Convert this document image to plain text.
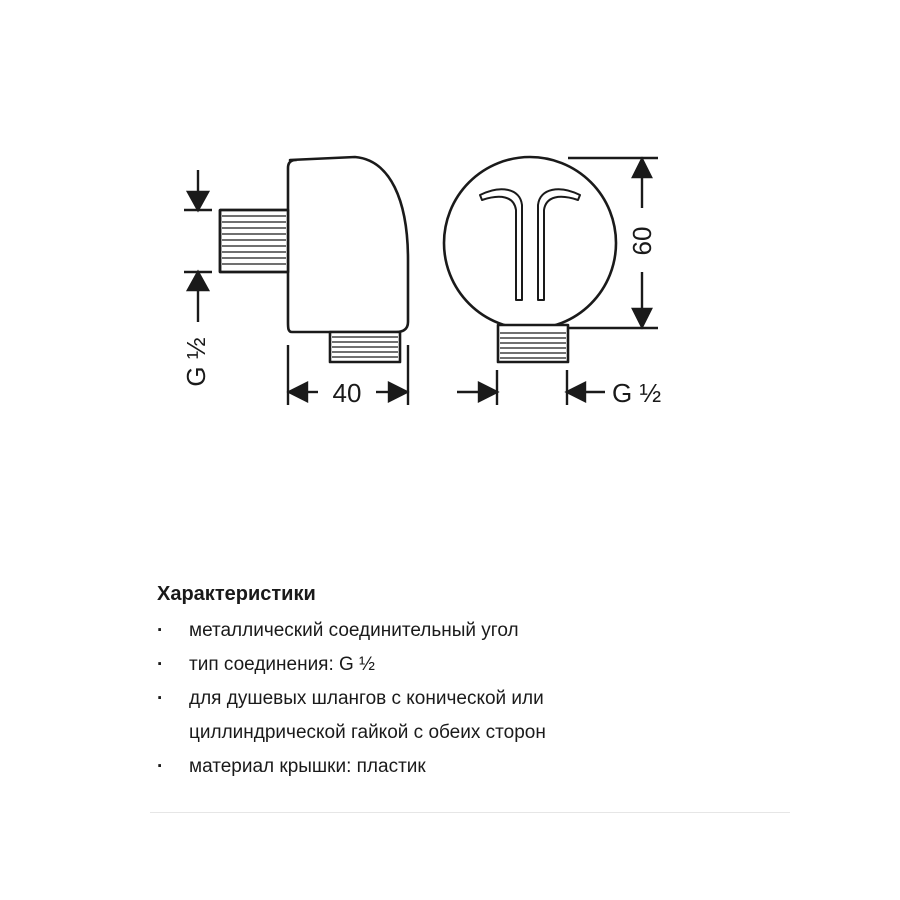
G ½
40
60
G ½
Характеристики
· металлический соединительный угол
· тип соединения: G ½
· для душевых шлангов с конической или циллиндрической гайкой с обеих сторон
· материал крышки: пластик
